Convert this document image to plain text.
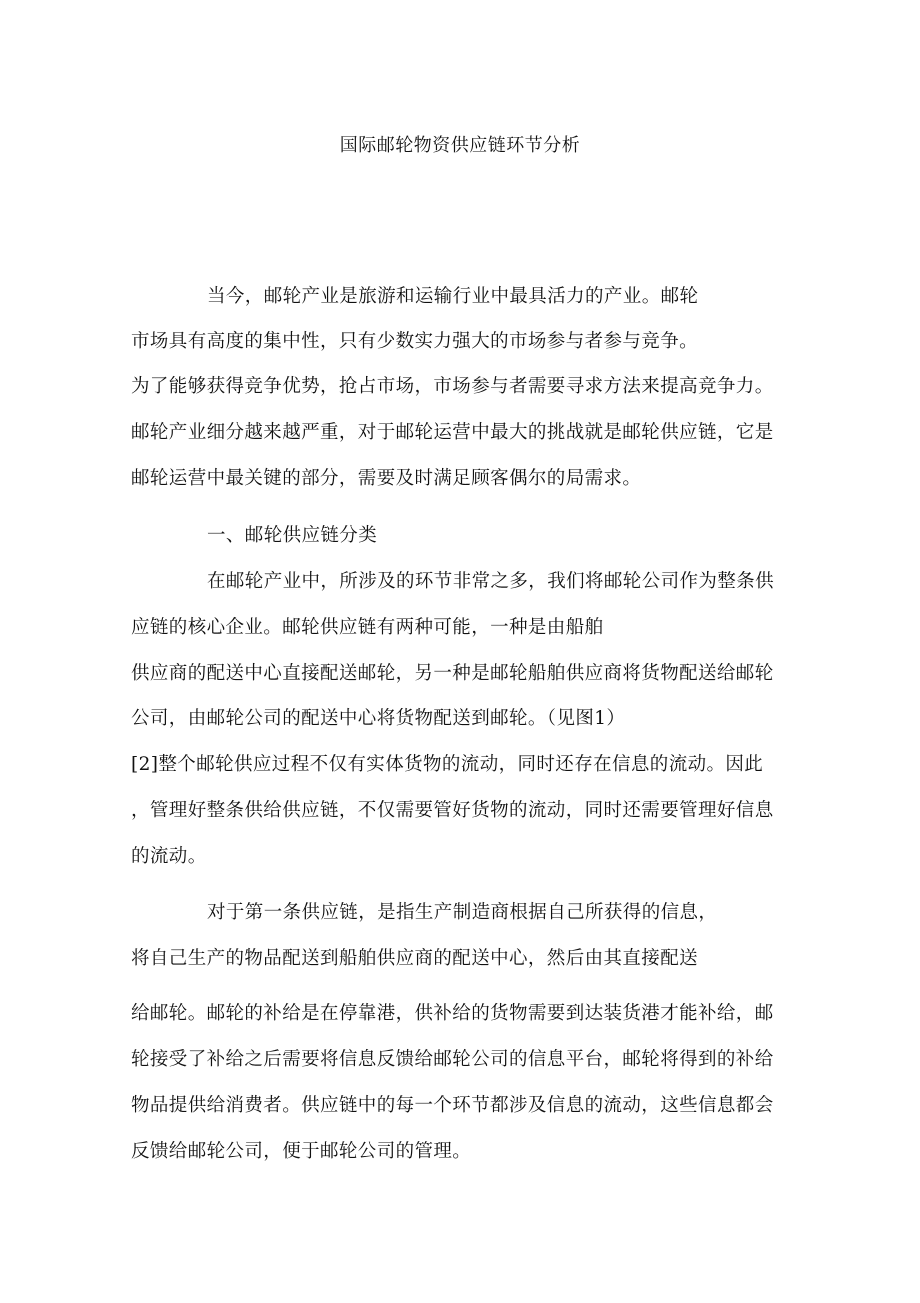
国际邮轮物资供应链环节分析
当今，邮轮产业是旅游和运输行业中最具活力的产业。邮轮
市场具有高度的集中性，只有少数实力强大的市场参与者参与竞争。
为了能够获得竞争优势，抢占市场，市场参与者需要寻求方法来提高竞争力。
邮轮产业细分越来越严重，对于邮轮运营中最大的挑战就是邮轮供应链，它是
邮轮运营中最关键的部分，需要及时满足顾客偶尔的局需求。
一、邮轮供应链分类
在邮轮产业中，所涉及的环节非常之多，我们将邮轮公司作为整条供
应链的核心企业。邮轮供应链有两种可能，一种是由船舶
供应商的配送中心直接配送邮轮，另一种是邮轮船舶供应商将货物配送给邮轮
公司，由邮轮公司的配送中心将货物配送到邮轮。（见图1）
[2]整个邮轮供应过程不仅有实体货物的流动，同时还存在信息的流动。因此
，管理好整条供给供应链，不仅需要管好货物的流动，同时还需要管理好信息
的流动。
对于第一条供应链，是指生产制造商根据自己所获得的信息，
将自己生产的物品配送到船舶供应商的配送中心，然后由其直接配送
给邮轮。邮轮的补给是在停靠港，供补给的货物需要到达装货港才能补给，邮
轮接受了补给之后需要将信息反馈给邮轮公司的信息平台，邮轮将得到的补给
物品提供给消费者。供应链中的每一个环节都涉及信息的流动，这些信息都会
反馈给邮轮公司，便于邮轮公司的管理。
